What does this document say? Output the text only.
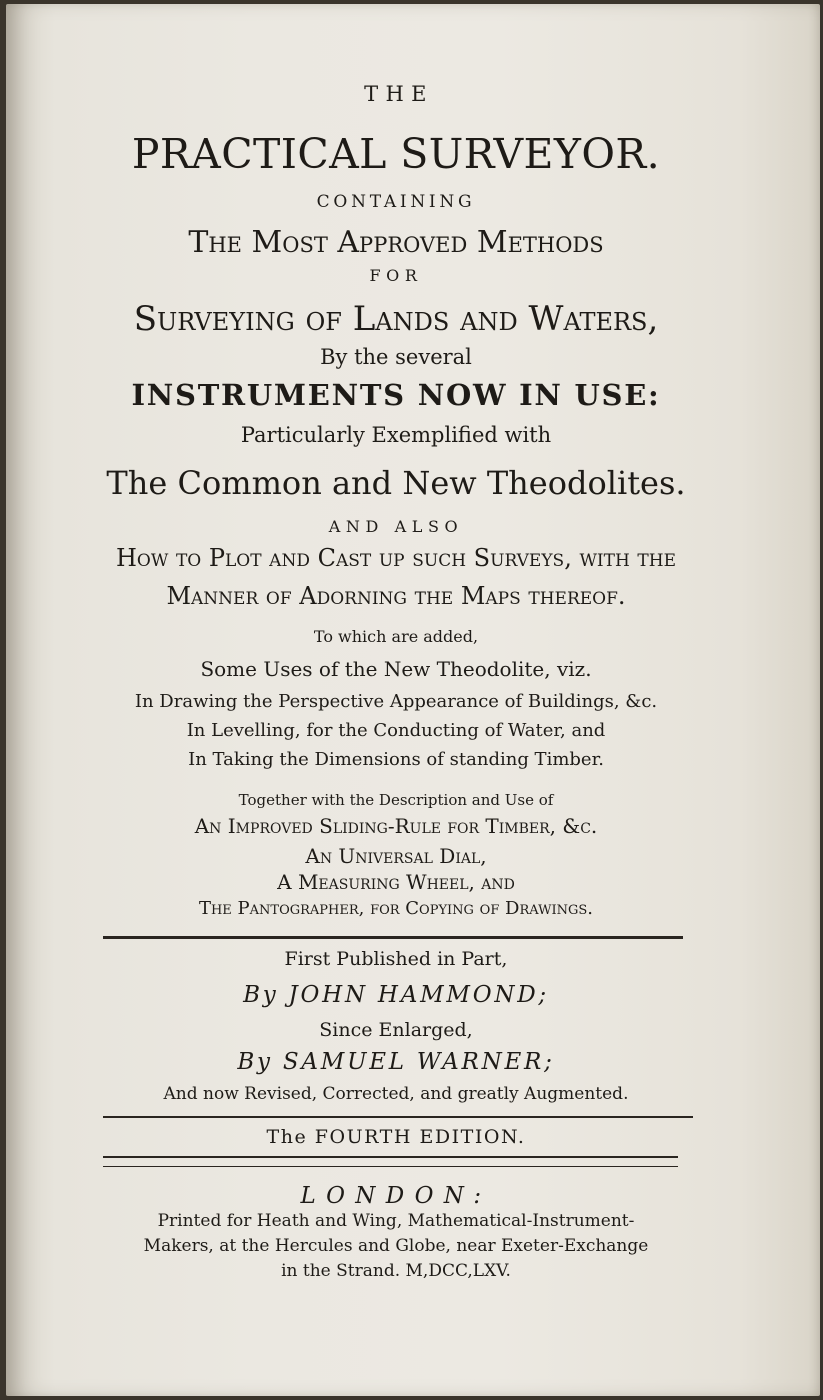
THE
PRACTICAL SURVEYOR.
CONTAINING
The Most Approved Methods
FOR
Surveying of Lands and Waters,
By the several
INSTRUMENTS NOW IN USE:
Particularly Exemplified with
The Common and New Theodolites.
AND ALSO
How to Plot and Cast up such Surveys, with the
Manner of Adorning the Maps thereof.
To which are added,
Some Uses of the New Theodolite, viz.
In Drawing the Perspective Appearance of Buildings, &c.
In Levelling, for the Conducting of Water, and
In Taking the Dimensions of standing Timber.
Together with the Description and Use of
An Improved Sliding-Rule for Timber, &c.
An Universal Dial,
A Measuring Wheel, and
The Pantographer, for Copying of Drawings.
First Published in Part,
By JOHN HAMMOND;
Since Enlarged,
By SAMUEL WARNER;
And now Revised, Corrected, and greatly Augmented.
The FOURTH EDITION.
LONDON:
Printed for Heath and Wing, Mathematical-Instrument-
Makers, at the Hercules and Globe, near Exeter-Exchange
in the Strand. M,DCC,LXV.
